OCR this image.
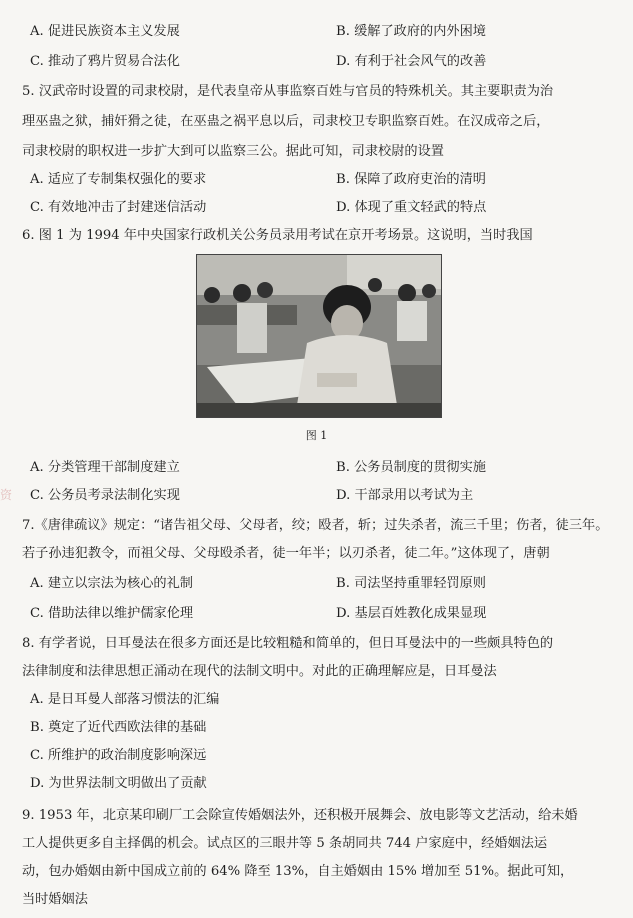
A. 促进民族资本主义发展	B. 缓解了政府的内外困境
C. 推动了鸦片贸易合法化	D. 有利于社会风气的改善
5. 汉武帝时设置的司隶校尉，是代表皇帝从事监察百姓与官员的特殊机关。其主要职责为治
理巫蛊之狱，捕奸猾之徒，在巫蛊之祸平息以后，司隶校卫专职监察百姓。在汉成帝之后，
司隶校尉的职权进一步扩大到可以监察三公。据此可知，司隶校尉的设置
A. 适应了专制集权强化的要求	B. 保障了政府吏治的清明
C. 有效地冲击了封建迷信活动	D. 体现了重文轻武的特点
6. 图 1 为 1994 年中央国家行政机关公务员录用考试在京开考场景。这说明，当时我国
图 1
A. 分类管理干部制度建立	B. 公务员制度的贯彻实施
C. 公务员考录法制化实现	D. 干部录用以考试为主
资
7.《唐律疏议》规定：“诸告祖父母、父母者，绞；殴者，斩；过失杀者，流三千里；伤者，徒三年。
若子孙违犯教令，而祖父母、父母殴杀者，徒一年半；以刃杀者，徒二年。”这体现了，唐朝
A. 建立以宗法为核心的礼制	B. 司法坚持重罪轻罚原则
C. 借助法律以维护儒家伦理	D. 基层百姓教化成果显现
8. 有学者说，日耳曼法在很多方面还是比较粗糙和简单的，但日耳曼法中的一些颇具特色的
法律制度和法律思想正涌动在现代的法制文明中。对此的正确理解应是，日耳曼法
A. 是日耳曼人部落习惯法的汇编
B. 奠定了近代西欧法律的基础
C. 所维护的政治制度影响深远
D. 为世界法制文明做出了贡献
9. 1953 年，北京某印刷厂工会除宣传婚姻法外，还积极开展舞会、放电影等文艺活动，给未婚
工人提供更多自主择偶的机会。试点区的三眼井等 5 条胡同共 744 户家庭中，经婚姻法运
动，包办婚姻由新中国成立前的 64% 降至 13%，自主婚姻由 15% 增加至 51%。据此可知，
当时婚姻法
